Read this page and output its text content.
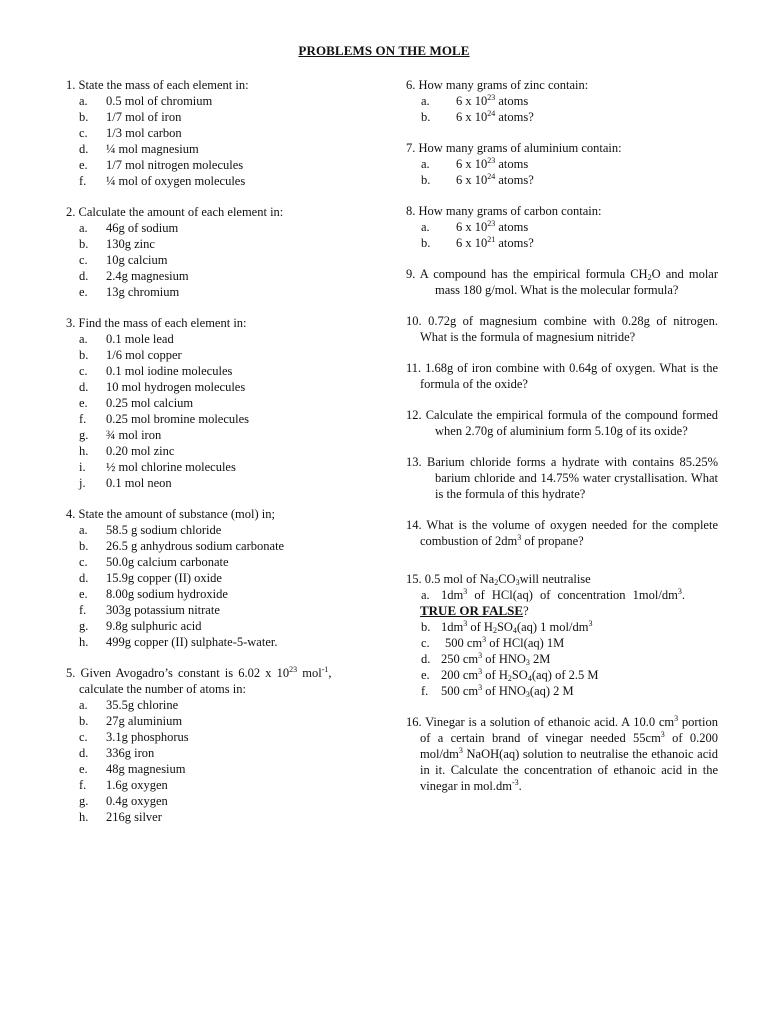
PROBLEMS ON THE MOLE

1. State the mass of each element in:

a. 0.5 mol of chromium
b. 1/7 mol of iron
c. 1/3 mol carbon
d. ¼ mol magnesium
e. 1/7 mol nitrogen molecules
f. ¼ mol of oxygen molecules

2. Calculate the amount of each element in:

a. 46g of sodium
b. 130g zinc
c. 10g calcium
d. 2.4g magnesium
e. 13g chromium

3. Find the mass of each element in:

a. 0.1 mole lead
b. 1/6 mol copper
c. 0.1 mol iodine molecules
d. 10 mol hydrogen molecules
e. 0.25 mol calcium
f. 0.25 mol bromine molecules
g. ¾ mol iron
h. 0.20 mol zinc
i. ½ mol chlorine molecules
j. 0.1 mol neon

4. State the amount of substance (mol) in;

a. 58.5 g sodium chloride
b. 26.5 g anhydrous sodium carbonate
c. 50.0g calcium carbonate
d. 15.9g copper (II) oxide
e. 8.00g sodium hydroxide
f. 303g potassium nitrate
g. 9.8g sulphuric acid
h. 499g copper (II) sulphate-5-water.

5. Given Avogadro’s constant is 6.02 x $10^{23}$ mol$^{-1}$,

calculate the number of atoms in:

a. 35.5g chlorine
b. 27g aluminium
c. 3.1g phosphorus
d. 336g iron
e. 48g magnesium
f. 1.6g oxygen
g. 0.4g oxygen
h. 216g silver

6. How many grams of zinc contain:

a. 6 x $10^{23}$ atoms
b. 6 x $10^{24}$ atoms?

7. How many grams of aluminium contain:

a. 6 x $10^{23}$ atoms
b. 6 x $10^{24}$ atoms?

8. How many grams of carbon contain:

a. 6 x $10^{23}$ atoms
b. 6 x $10^{21}$ atoms?

9. A compound has the empirical formula $CH_2O$ and molar mass 180 g/mol. What is the molecular formula?

10. 0.72g of magnesium combine with 0.28g of nitrogen. What is the formula of magnesium nitride?

11. 1.68g of iron combine with 0.64g of oxygen. What is the formula of the oxide?

12. Calculate the empirical formula of the compound formed when 2.70g of aluminium form 5.10g of its oxide?

13. Barium chloride forms a hydrate with contains 85.25% barium chloride and 14.75% water crystallisation. What is the formula of this hydrate?

14. What is the volume of oxygen needed for the complete combustion of $2dm^3$ of propane?

15. 0.5 mol of $Na_2CO_3will$ neutralise

a. $1dm^3$ of HCl(aq) of concentration $1mol/dm^3$.

TRUE OR FALSE?

b. $1dm^3$ of $H_2SO_4(aq)$ 1 mol/$dm^3$
c. 500 $cm^3$ of HCl(aq) 1M
d. 250 $cm^3$ of $HNO_3$ 2M
e. 200 $cm^3$ of $H_2SO_4(aq)$ of 2.5 M
f. 500 $cm^3$ of $HNO_3(aq)$ 2 M

16. Vinegar is a solution of ethanoic acid. A 10.0 $cm^3$ portion of a certain brand of vinegar needed $55cm^3$ of 0.200 mol/$dm^3$ NaOH(aq) solution to neutralise the ethanoic acid in it. Calculate the concentration of ethanoic acid in the vinegar in $mol.dm^{-3}$.
